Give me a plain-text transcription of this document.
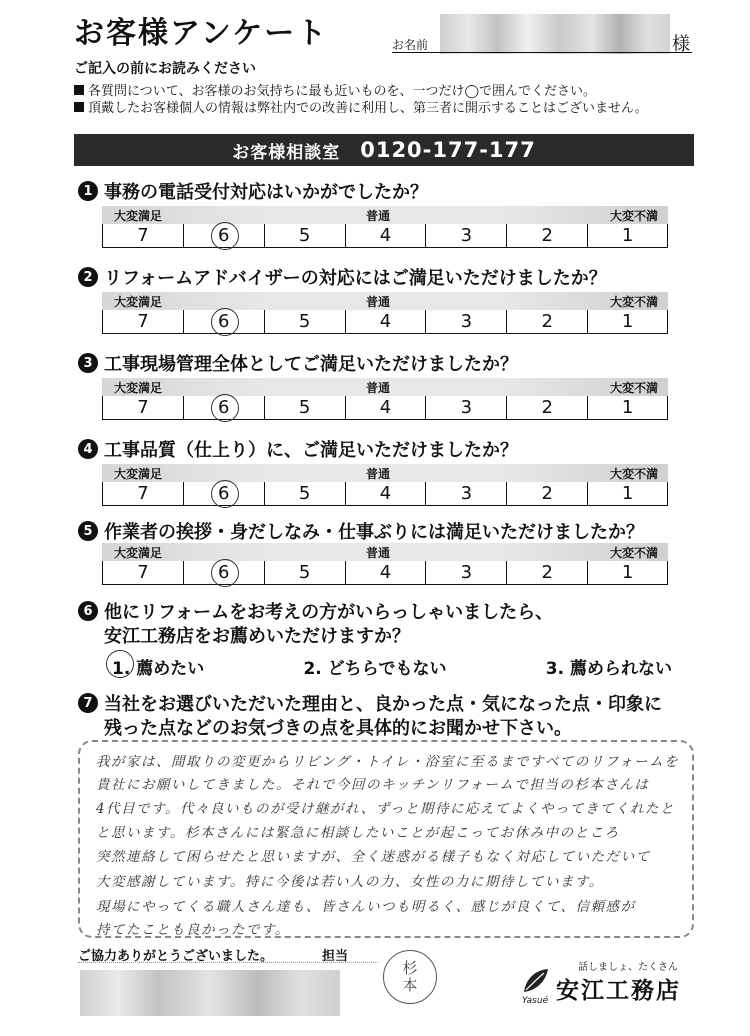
お客様アンケート	お名前	様
ご記入の前にお読みください
各質問について、お客様のお気持ちに最も近いものを、一つだけ◯で囲んでください。
頂戴したお客様個人の情報は弊社内での改善に利用し、第三者に開示することはございません。
お客様相談室 0120-177-177
1 事務の電話受付対応はいかがでしたか？
大変満足	普通	大変不満
7	6	5	4	3	2	1
2 リフォームアドバイザーの対応にはご満足いただけましたか？
大変満足	普通	大変不満
7	6	5	4	3	2	1
3 工事現場管理全体としてご満足いただけましたか？
大変満足	普通	大変不満
7	6	5	4	3	2	1
4 工事品質（仕上り）に、ご満足いただけましたか？
大変満足	普通	大変不満
7	6	5	4	3	2	1
5 作業者の挨拶・身だしなみ・仕事ぶりには満足いただけましたか？
大変満足	普通	大変不満
7	6	5	4	3	2	1
6 他にリフォームをお考えの方がいらっしゃいましたら、
安江工務店をお薦めいただけますか？
1. 薦めたい	2. どちらでもない	3. 薦められない
7 当社をお選びいただいた理由と、良かった点・気になった点・印象に
残った点などのお気づきの点を具体的にお聞かせ下さい。
我が家は、間取りの変更からリビング・トイレ・浴室に至るまですべてのリフォームを
貴社にお願いしてきました。それで今回のキッチンリフォームで担当の杉本さんは
4代目です。代々良いものが受け継がれ、ずっと期待に応えてよくやってきてくれたと
と思います。杉本さんには緊急に相談したいことが起こってお休み中のところ
突然連絡して困らせたと思いますが、全く迷惑がる様子もなく対応していただいて
大変感謝しています。特に今後は若い人の力、女性の力に期待しています。
現場にやってくる職人さん達も、皆さんいつも明るく、感じが良くて、信頼感が
持てたことも良かったです。
ご協力ありがとうございました。	担当
杉
本
話しましょ、たくさん
Yasué 安江工務店
